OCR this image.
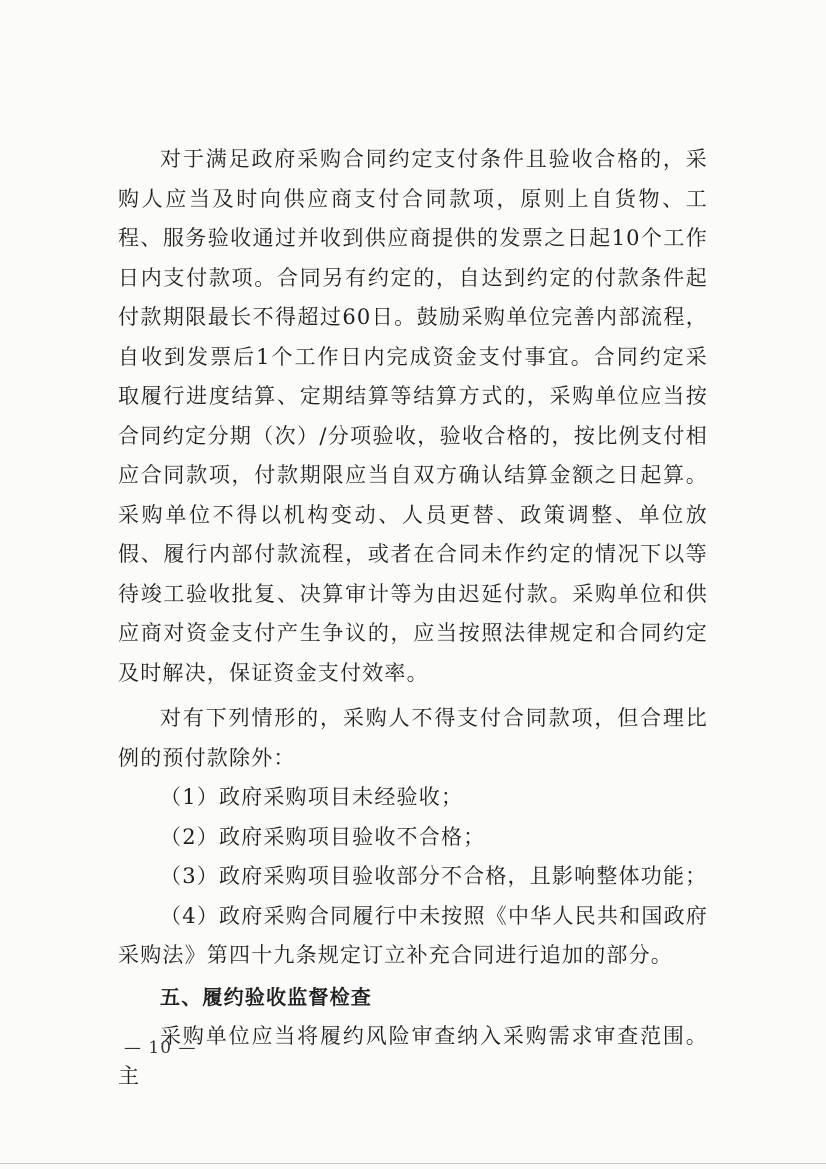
对于满足政府采购合同约定支付条件且验收合格的，采购人应当及时向供应商支付合同款项，原则上自货物、工程、服务验收通过并收到供应商提供的发票之日起10个工作日内支付款项。合同另有约定的，自达到约定的付款条件起付款期限最长不得超过60日。鼓励采购单位完善内部流程，自收到发票后1个工作日内完成资金支付事宜。合同约定采取履行进度结算、定期结算等结算方式的，采购单位应当按合同约定分期（次）/分项验收，验收合格的，按比例支付相应合同款项，付款期限应当自双方确认结算金额之日起算。采购单位不得以机构变动、人员更替、政策调整、单位放假、履行内部付款流程，或者在合同未作约定的情况下以等待竣工验收批复、决算审计等为由迟延付款。采购单位和供应商对资金支付产生争议的，应当按照法律规定和合同约定及时解决，保证资金支付效率。

对有下列情形的，采购人不得支付合同款项，但合理比例的预付款除外：

（1）政府采购项目未经验收；

（2）政府采购项目验收不合格；

（3）政府采购项目验收部分不合格，且影响整体功能；

（4）政府采购合同履行中未按照《中华人民共和国政府采购法》第四十九条规定订立补充合同进行追加的部分。

五、履约验收监督检查

采购单位应当将履约风险审查纳入采购需求审查范围。主

— 10 —
